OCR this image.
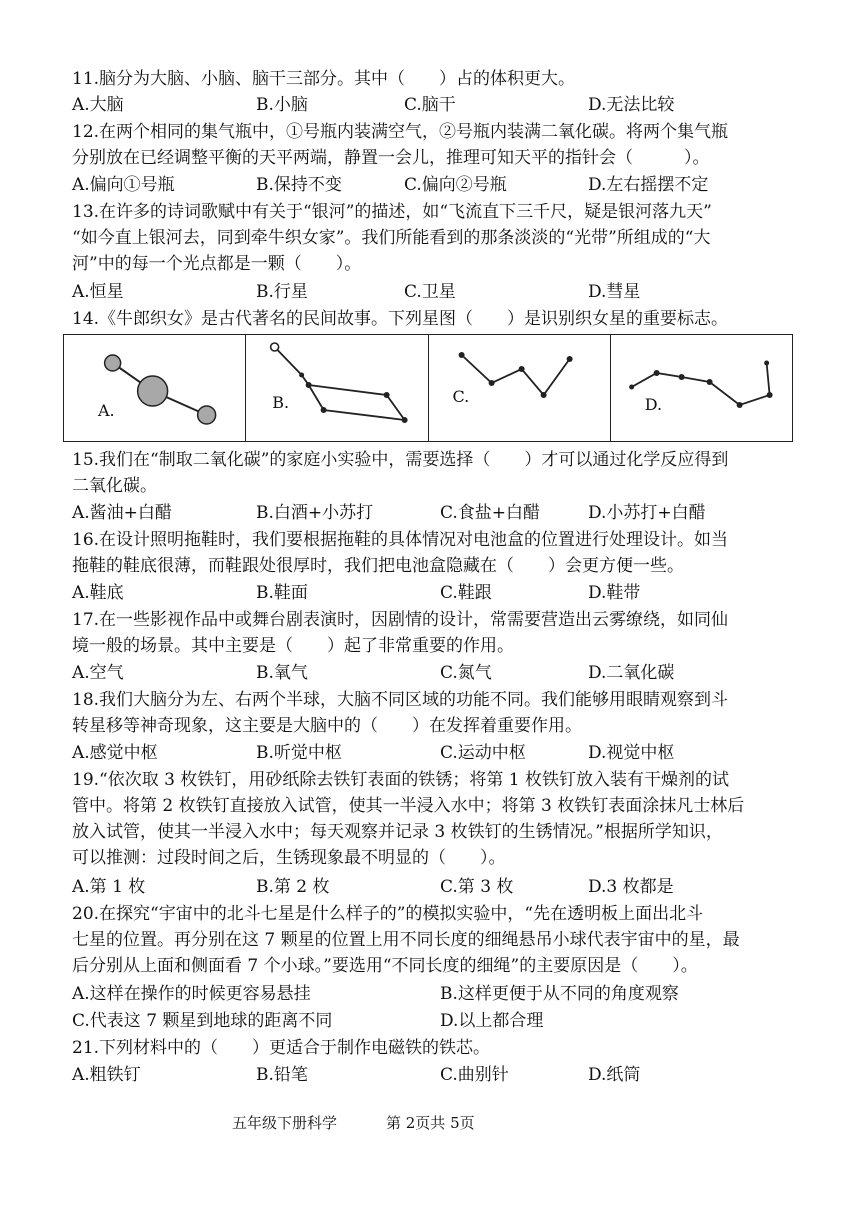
11.脑分为大脑、小脑、脑干三部分。其中（　　）占的体积更大。
A.大脑	B.小脑	C.脑干	D.无法比较
12.在两个相同的集气瓶中，①号瓶内装满空气，②号瓶内装满二氧化碳。将两个集气瓶
分别放在已经调整平衡的天平两端，静置一会儿，推理可知天平的指针会（　　　）。
A.偏向①号瓶	B.保持不变	C.偏向②号瓶	D.左右摇摆不定
13.在许多的诗词歌赋中有关于“银河”的描述，如“飞流直下三千尺，疑是银河落九天”
“如今直上银河去，同到牵牛织女家”。我们所能看到的那条淡淡的“光带”所组成的“大
河”中的每一个光点都是一颗（　　）。
A.恒星	B.行星	C.卫星	D.彗星
14.《牛郎织女》是古代著名的民间故事。下列星图（　　）是识别织女星的重要标志。
A.	B.	C.	D.
15.我们在“制取二氧化碳”的家庭小实验中，需要选择（　　）才可以通过化学反应得到
二氧化碳。
A.酱油+白醋	B.白酒+小苏打	C.食盐+白醋	D.小苏打+白醋
16.在设计照明拖鞋时，我们要根据拖鞋的具体情况对电池盒的位置进行处理设计。如当
拖鞋的鞋底很薄，而鞋跟处很厚时，我们把电池盒隐藏在（　　）会更方便一些。
A.鞋底	B.鞋面	C.鞋跟	D.鞋带
17.在一些影视作品中或舞台剧表演时，因剧情的设计，常需要营造出云雾缭绕，如同仙
境一般的场景。其中主要是（　　）起了非常重要的作用。
A.空气	B.氧气	C.氮气	D.二氧化碳
18.我们大脑分为左、右两个半球，大脑不同区域的功能不同。我们能够用眼睛观察到斗
转星移等神奇现象，这主要是大脑中的（　　）在发挥着重要作用。
A.感觉中枢	B.听觉中枢	C.运动中枢	D.视觉中枢
19.“依次取 3 枚铁钉，用砂纸除去铁钉表面的铁锈；将第 1 枚铁钉放入装有干燥剂的试
管中。将第 2 枚铁钉直接放入试管，使其一半浸入水中；将第 3 枚铁钉表面涂抹凡士林后
放入试管，使其一半浸入水中；每天观察并记录 3 枚铁钉的生锈情况。”根据所学知识，
可以推测：过段时间之后，生锈现象最不明显的（　　）。
A.第 1 枚	B.第 2 枚	C.第 3 枚	D.3 枚都是
20.在探究“宇宙中的北斗七星是什么样子的”的模拟实验中，“先在透明板上面出北斗
七星的位置。再分别在这 7 颗星的位置上用不同长度的细绳悬吊小球代表宇宙中的星，最
后分别从上面和侧面看 7 个小球。”要选用“不同长度的细绳”的主要原因是（　　）。
A.这样在操作的时候更容易悬挂	B.这样更便于从不同的角度观察
C.代表这 7 颗星到地球的距离不同	D.以上都合理
21.下列材料中的（　　）更适合于制作电磁铁的铁芯。
A.粗铁钉	B.铅笔	C.曲别针	D.纸筒
五年级下册科学	第 2页共 5页
